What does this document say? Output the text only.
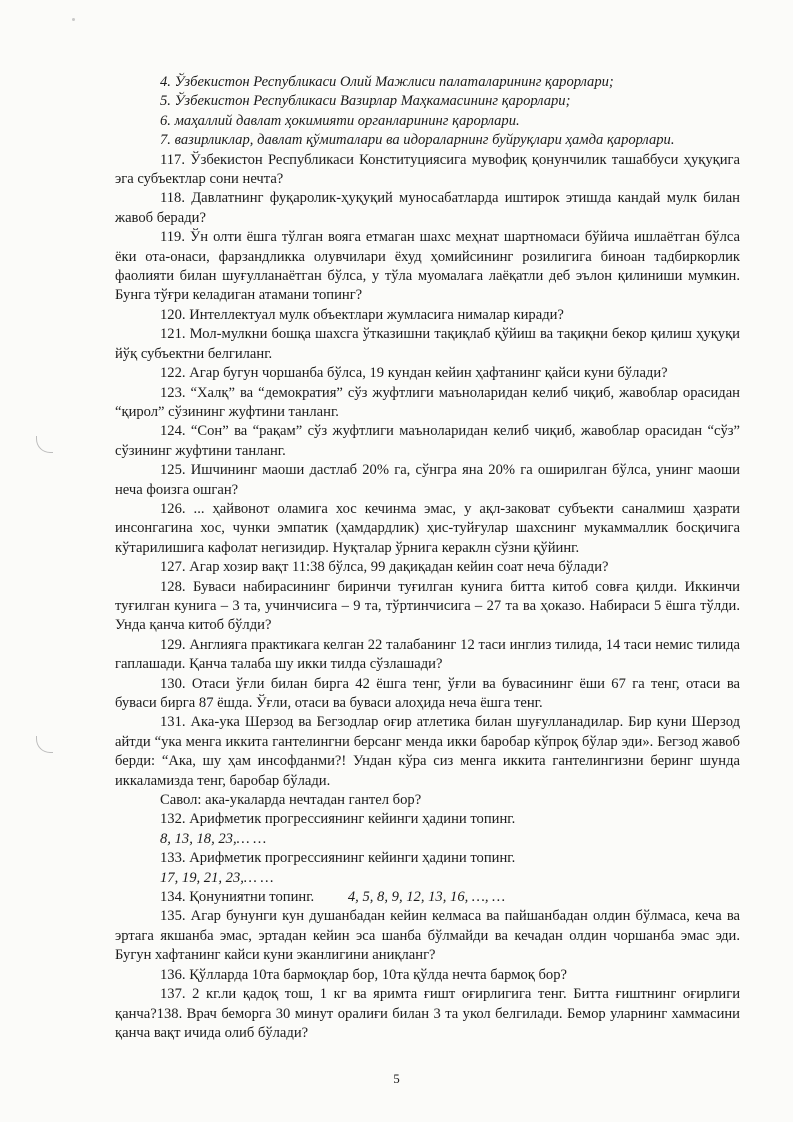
4. Ўзбекистон Республикаси Олий Мажлиси палаталарининг қарорлари;

5. Ўзбекистон Республикаси Вазирлар Маҳкамасининг қарорлари;

6. маҳаллий давлат ҳокимияти органларининг қарорлари.

7. вазирликлар, давлат қўмиталари ва идораларнинг буйруқлари ҳамда қарорлари.

117. Ўзбекистон Республикаси Конституциясига мувофиқ қонунчилик ташаббуси ҳуқуқига эга субъектлар сони нечта?

118. Давлатнинг фуқаролик-ҳуқуқий муносабатларда иштирок этишда кандай мулк билан жавоб беради?

119. Ўн олти ёшга тўлган вояга етмаган шахс меҳнат шартномаси бўйича ишлаётган бўлса ёки ота-онаси, фарзандликка олувчилари ёхуд ҳомийсининг розилигига биноан тадбиркорлик фаолияти билан шуғулланаётган бўлса, у тўла муомалага лаёқатли деб эълон қилиниши мумкин. Бунга тўғри келадиган атамани топинг?

120. Интеллектуал мулк объектлари жумласига нималар киради?

121. Мол-мулкни бошқа шахсга ўтказишни тақиқлаб қўйиш ва тақиқни бекор қилиш ҳуқуқи йўқ субъектни белгиланг.

122. Агар бугун чоршанба бўлса, 19 кундан кейин ҳафтанинг қайси куни бўлади?

123. “Халқ” ва “демократия” сўз жуфтлиги маъноларидан келиб чиқиб, жавоблар орасидан “қирол” сўзининг жуфтини танланг.

124. “Сон” ва “рақам” сўз жуфтлиги маъноларидан келиб чиқиб, жавоблар орасидан “сўз” сўзининг жуфтини танланг.

125. Ишчининг маоши дастлаб 20% га, сўнгра яна 20% га оширилган бўлса, унинг маоши неча фоизга ошган?

126. ... ҳайвонот оламига хос кечинма эмас, у ақл-заковат субъекти саналмиш ҳазрати инсонгагина хос, чунки эмпатик (ҳамдардлик) ҳис-туйғулар шахснинг мукаммаллик босқичига кўтарилишига кафолат негизидир. Нуқталар ўрнига кераклн сўзни қўйинг.

127. Агар хозир вақт 11:38 бўлса, 99 дақиқадан кейин соат неча бўлади?

128. Буваси набирасининг биринчи туғилган кунига битта китоб совға қилди. Иккинчи туғилган кунига – 3 та, учинчисига – 9 та, тўртинчисига – 27 та ва ҳоказо. Набираси 5 ёшга тўлди. Унда қанча китоб бўлди?

129. Англияга практикага келган 22 талабанинг 12 таси инглиз тилида, 14 таси немис тилида гаплашади. Қанча талаба шу икки тилда сўзлашади?

130. Отаси ўғли билан бирга 42 ёшга тенг, ўғли ва бувасининг ёши 67 га тенг, отаси ва буваси бирга 87 ёшда. Ўғли, отаси ва буваси алоҳида неча ёшга тенг.

131. Ака-ука Шерзод ва Бегзодлар оғир атлетика билан шуғулланадилар. Бир куни Шерзод айтди “ука менга иккита гантелингни берсанг менда икки баробар кўпроқ бўлар эди». Бегзод жавоб берди: “Ака, шу ҳам инсофданми?! Ундан кўра сиз менга иккита гантелингизни беринг шунда иккаламизда тенг, баробар бўлади.

Савол: ака-укаларда нечтадан гантел бор?

132. Арифметик прогрессиянинг кейинги ҳадини топинг.

8, 13, 18, 23,… …

133. Арифметик прогрессиянинг кейинги ҳадини топинг.

17, 19, 21, 23,… …

134. Қонуниятни топинг. 4, 5, 8, 9, 12, 13, 16, …, …

135. Агар бунунги кун душанбадан кейин келмаса ва пайшанбадан олдин бўлмаса, кеча ва эртага якшанба эмас, эртадан кейин эса шанба бўлмайди ва кечадан олдин чоршанба эмас эди. Бугун хафтанинг кайси куни эканлигини аниқланг?

136. Қўлларда 10та бармоқлар бор, 10та қўлда нечта бармоқ бор?

137. 2 кг.ли қадоқ тош, 1 кг ва яримта ғишт оғирлигига тенг. Битта ғиштнинг оғирлиги қанча?138. Врач беморга 30 минут оралиғи билан 3 та укол белгилади. Бемор уларнинг хаммасини қанча вақт ичида олиб бўлади?

5
